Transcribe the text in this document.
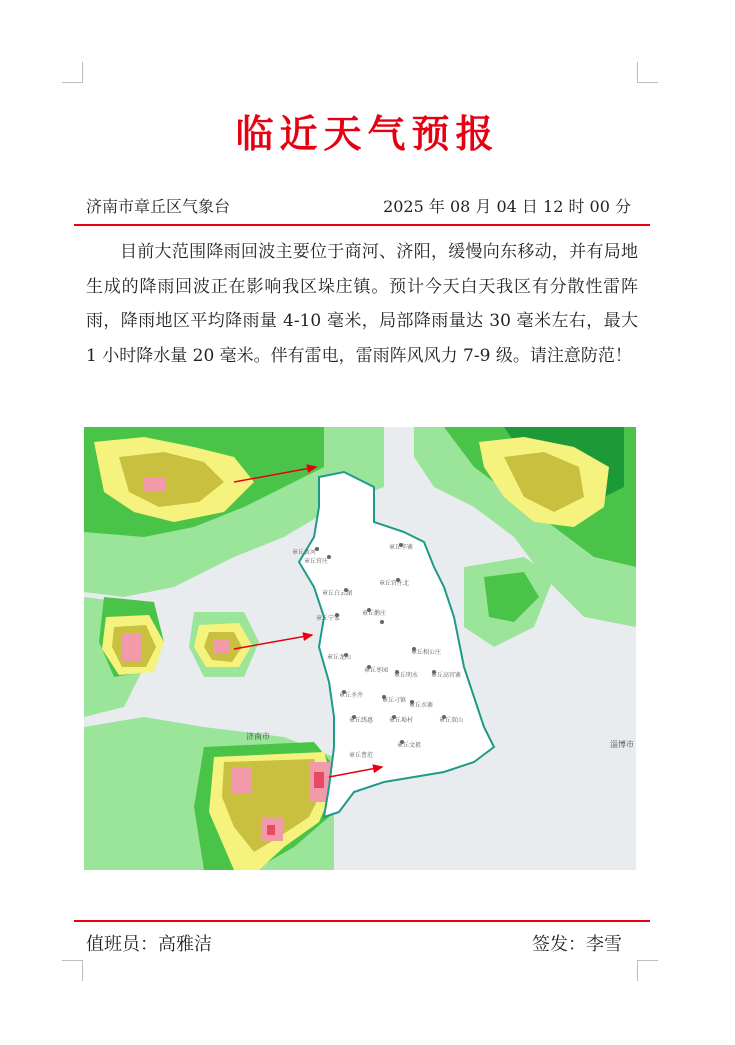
临近天气预报
济南市章丘区气象台	2025 年 08 月 04 日 12 时 00 分
目前大范围降雨回波主要位于商河、济阳，缓慢向东移动，并有局地生成的降雨回波正在影响我区垛庄镇。预计今天白天我区有分散性雷阵雨，降雨地区平均降雨量 4-10 毫米，局部降雨量达 30 毫米左右，最大 1 小时降水量 20 毫米。伴有雷电，雷雨阵风风力 7-9 级。请注意防范！
章丘黄河
章丘官庄
章丘白云湖
章丘宁家
章丘龙山
章丘鹅庄
章丘官庄北
章丘辛寨
章丘相公庄
章丘枣园
章丘明水 章丘高官寨
章丘圣井
章丘刁镇
章丘水寨
章丘绣惠	章丘埠村	章丘双山
章丘文祖
章丘曹范
济南市
淄博市
值班员：高雅洁	签发：李雪
